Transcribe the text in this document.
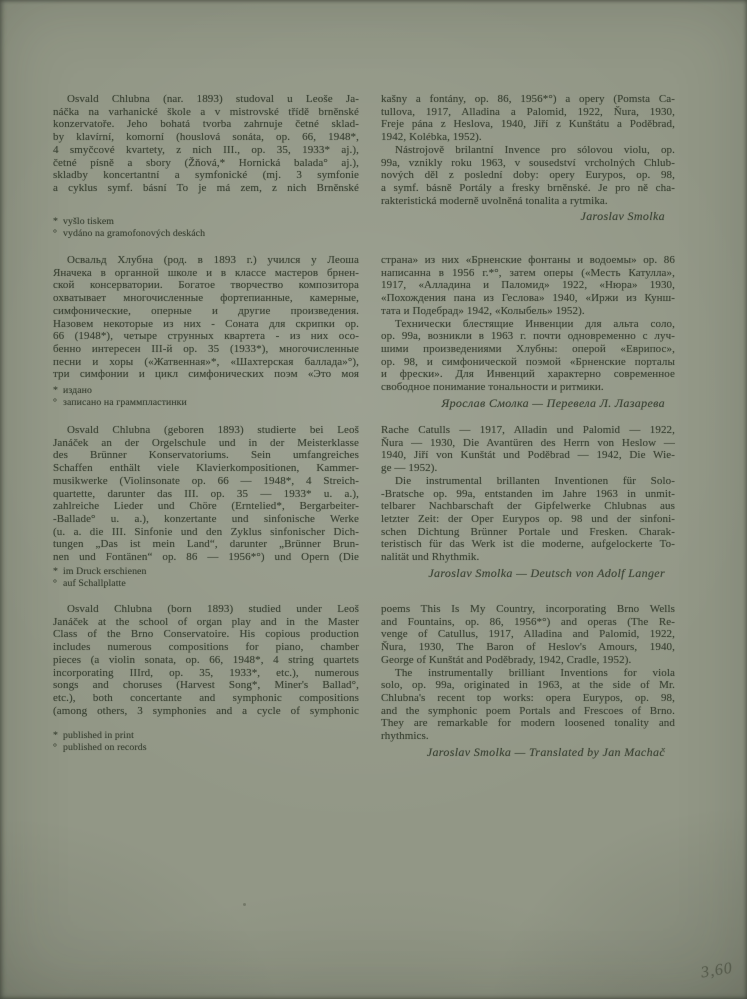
Osvald Chlubna (nar. 1893) studoval u Leoše Ja-
náčka na varhanické škole a v mistrovské třídě brněnské
konzervatoře. Jeho bohatá tvorba zahrnuje četné sklad-
by klavírní, komorní (houslová sonáta, op. 66, 1948*,
4 smyčcové kvartety, z nich III., op. 35, 1933* aj.),
četné písně a sbory (Žňová,* Hornická balada° aj.),
skladby koncertantní a symfonické (mj. 3 symfonie
a cyklus symf. básní To je má zem, z nich Brněnské
* vyšlo tiskem
° vydáno na gramofonových deskách
kašny a fontány, op. 86, 1956*°) a opery (Pomsta Ca-
tullova, 1917, Alladina a Palomid, 1922, Ňura, 1930,
Freje pána z Heslova, 1940, Jiří z Kunštátu a Poděbrad,
1942, Kolébka, 1952).
Nástrojově brilantní Invence pro sólovou violu, op.
99a, vznikly roku 1963, v sousedství vrcholných Chlub-
nových děl z poslední doby: opery Eurypos, op. 98,
a symf. básně Portály a fresky brněnské. Je pro ně cha-
rakteristická moderně uvolněná tonalita a rytmika.
Jaroslav Smolka
Освальд Хлубна (род. в 1893 г.) учился у Леоша
Яначека в органной школе и в классе мастеров брнен-
ской консерватории. Богатое творчество композитора
охватывает многочисленные фортепианные, камерные,
симфонические, оперные и другие произведения.
Назовем некоторые из них - Соната для скрипки ор.
66 (1948*), четыре струнных квартета - из них осо-
бенно интересен III-й ор. 35 (1933*), многочисленные
песни и хоры («Жатвенная»*, «Шахтерская баллада»°),
три симфонии и цикл симфонических поэм «Это моя
* издано
° записано на граммпластинки
страна» из них «Брненские фонтаны и водоемы» ор. 86
написанна в 1956 г.*°, затем оперы («Месть Катулла»,
1917, «Алладина и Паломид» 1922, «Нюра» 1930,
«Похождения пана из Геслова» 1940, «Иржи из Кунш-
тата и Подебрад» 1942, «Колыбель» 1952).
Технически блестящие Инвенции для альта соло,
ор. 99а, возникли в 1963 г. почти одновременно с луч-
шими произведениями Хлубны: оперой «Еврипос»,
ор. 98, и симфонической поэмой «Брненские порталы
и фрески». Для Инвенций характерно современное
свободное понимание тональности и ритмики.
Ярослав Смолка — Перевела Л. Лазарева
Osvald Chlubna (geboren 1893) studierte bei Leoš
Janáček an der Orgelschule und in der Meisterklasse
des Brünner Konservatoriums. Sein umfangreiches
Schaffen enthält viele Klavierkompositionen, Kammer-
musikwerke (Violinsonate op. 66 — 1948*, 4 Streich-
quartette, darunter das III. op. 35 — 1933* u. a.),
zahlreiche Lieder und Chöre (Erntelied*, Bergarbeiter-
-Ballade° u. a.), konzertante und sinfonische Werke
(u. a. die III. Sinfonie und den Zyklus sinfonischer Dich-
tungen „Das ist mein Land“, darunter „Brünner Brun-
nen und Fontänen“ op. 86 — 1956*°) und Opern (Die
* im Druck erschienen
° auf Schallplatte
Rache Catulls — 1917, Alladin und Palomid — 1922,
Ňura — 1930, Die Avantüren des Herrn von Heslow —
1940, Jiří von Kunštát und Poděbrad — 1942, Die Wie-
ge — 1952).
Die instrumental brillanten Inventionen für Solo-
-Bratsche op. 99a, entstanden im Jahre 1963 in unmit-
telbarer Nachbarschaft der Gipfelwerke Chlubnas aus
letzter Zeit: der Oper Eurypos op. 98 und der sinfoni-
schen Dichtung Brünner Portale und Fresken. Charak-
teristisch für das Werk ist die moderne, aufgelockerte To-
nalität und Rhythmik.
Jaroslav Smolka — Deutsch von Adolf Langer
Osvald Chlubna (born 1893) studied under Leoš
Janáček at the school of organ play and in the Master
Class of the Brno Conservatoire. His copious production
includes numerous compositions for piano, chamber
pieces (a violin sonata, op. 66, 1948*, 4 string quartets
incorporating IIIrd, op. 35, 1933*, etc.), numerous
songs and choruses (Harvest Song*, Miner's Ballad°,
etc.), both concertante and symphonic compositions
(among others, 3 symphonies and a cycle of symphonic
* published in print
° published on records
poems This Is My Country, incorporating Brno Wells
and Fountains, op. 86, 1956*°) and operas (The Re-
venge of Catullus, 1917, Alladina and Palomid, 1922,
Ňura, 1930, The Baron of Heslov's Amours, 1940,
George of Kunštát and Poděbrady, 1942, Cradle, 1952).
The instrumentally brilliant Inventions for viola
solo, op. 99a, originated in 1963, at the side of Mr.
Chlubna's recent top works: opera Eurypos, op. 98,
and the symphonic poem Portals and Frescoes of Brno.
They are remarkable for modern loosened tonality and
rhythmics.
Jaroslav Smolka — Translated by Jan Machač
3,60
